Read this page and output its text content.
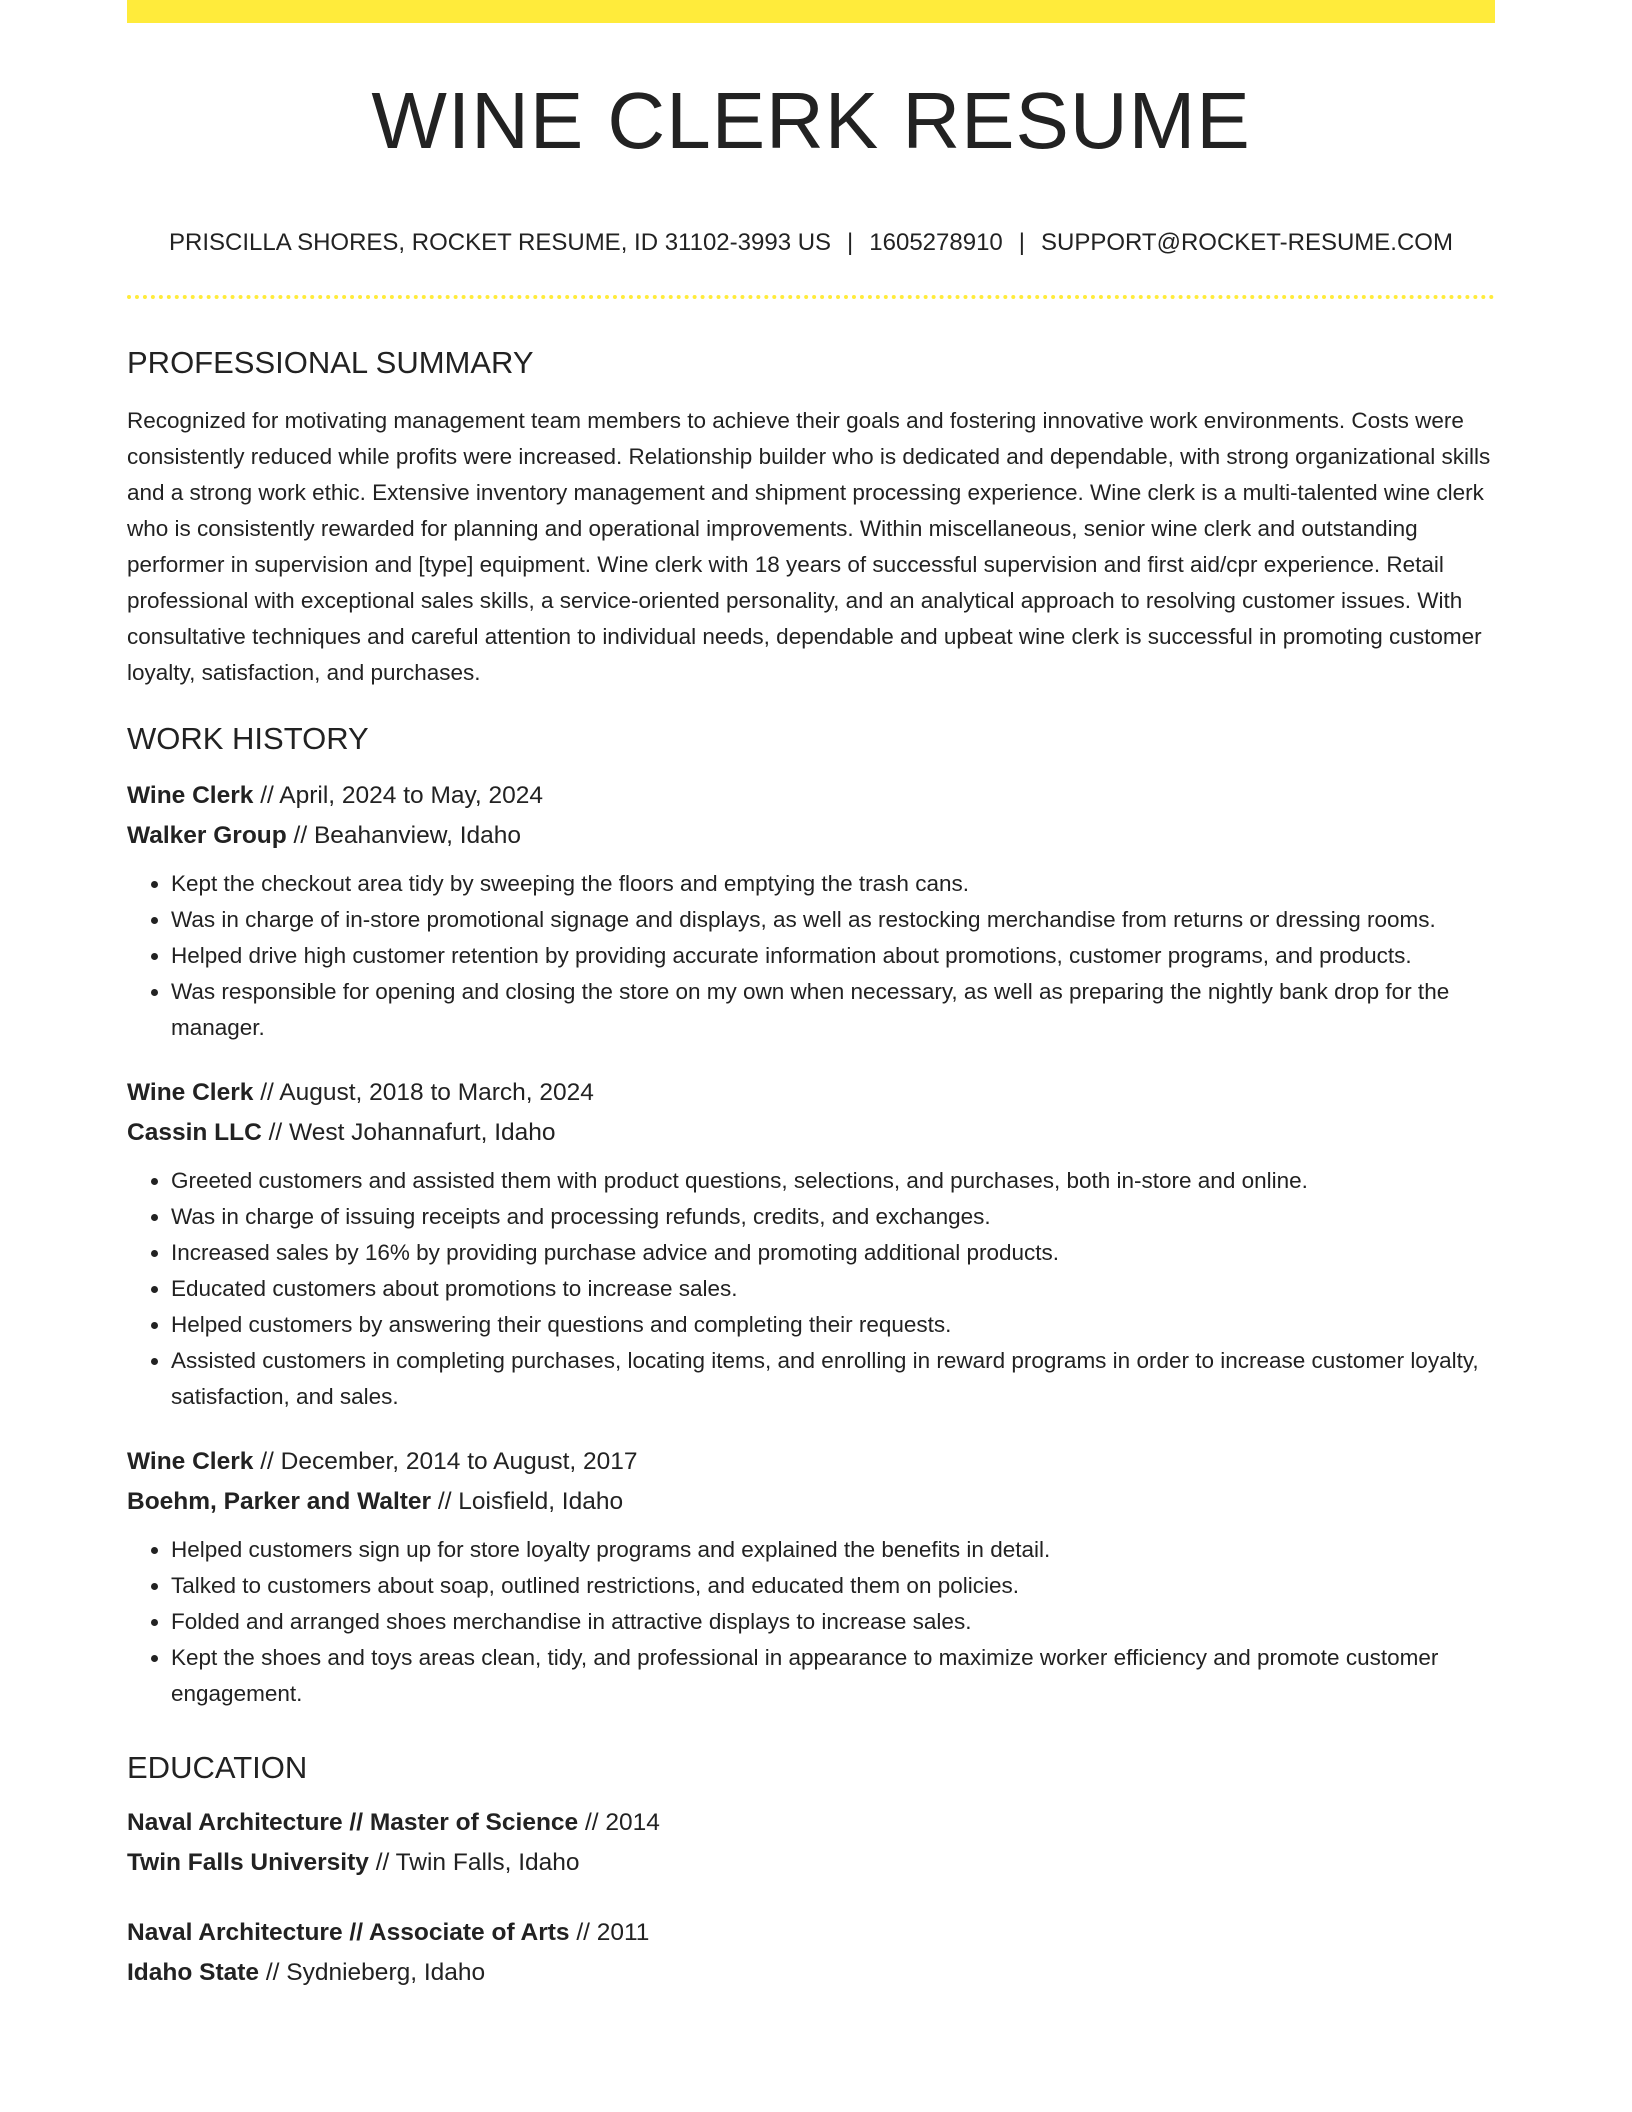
WINE CLERK RESUME
PRISCILLA SHORES, ROCKET RESUME, ID 31102-3993 US | 1605278910 | SUPPORT@ROCKET-RESUME.COM
PROFESSIONAL SUMMARY

Recognized for motivating management team members to achieve their goals and fostering innovative work environments. Costs were consistently reduced while profits were increased. Relationship builder who is dedicated and dependable, with strong organizational skills and a strong work ethic. Extensive inventory management and shipment processing experience. Wine clerk is a multi-talented wine clerk who is consistently rewarded for planning and operational improvements. Within miscellaneous, senior wine clerk and outstanding performer in supervision and [type] equipment. Wine clerk with 18 years of successful supervision and first aid/cpr experience. Retail professional with exceptional sales skills, a service-oriented personality, and an analytical approach to resolving customer issues. With consultative techniques and careful attention to individual needs, dependable and upbeat wine clerk is successful in promoting customer loyalty, satisfaction, and purchases.

WORK HISTORY
Wine Clerk // April, 2024 to May, 2024
Walker Group // Beahanview, Idaho
• Kept the checkout area tidy by sweeping the floors and emptying the trash cans.
• Was in charge of in-store promotional signage and displays, as well as restocking merchandise from returns or dressing rooms.
• Helped drive high customer retention by providing accurate information about promotions, customer programs, and products.
• Was responsible for opening and closing the store on my own when necessary, as well as preparing the nightly bank drop for the manager.
Wine Clerk // August, 2018 to March, 2024
Cassin LLC // West Johannafurt, Idaho
• Greeted customers and assisted them with product questions, selections, and purchases, both in-store and online.
• Was in charge of issuing receipts and processing refunds, credits, and exchanges.
• Increased sales by 16% by providing purchase advice and promoting additional products.
• Educated customers about promotions to increase sales.
• Helped customers by answering their questions and completing their requests.
• Assisted customers in completing purchases, locating items, and enrolling in reward programs in order to increase customer loyalty, satisfaction, and sales.
Wine Clerk // December, 2014 to August, 2017
Boehm, Parker and Walter // Loisfield, Idaho
• Helped customers sign up for store loyalty programs and explained the benefits in detail.
• Talked to customers about soap, outlined restrictions, and educated them on policies.
• Folded and arranged shoes merchandise in attractive displays to increase sales.
• Kept the shoes and toys areas clean, tidy, and professional in appearance to maximize worker efficiency and promote customer engagement.
EDUCATION
Naval Architecture // Master of Science // 2014
Twin Falls University // Twin Falls, Idaho
Naval Architecture // Associate of Arts // 2011
Idaho State // Sydnieberg, Idaho
